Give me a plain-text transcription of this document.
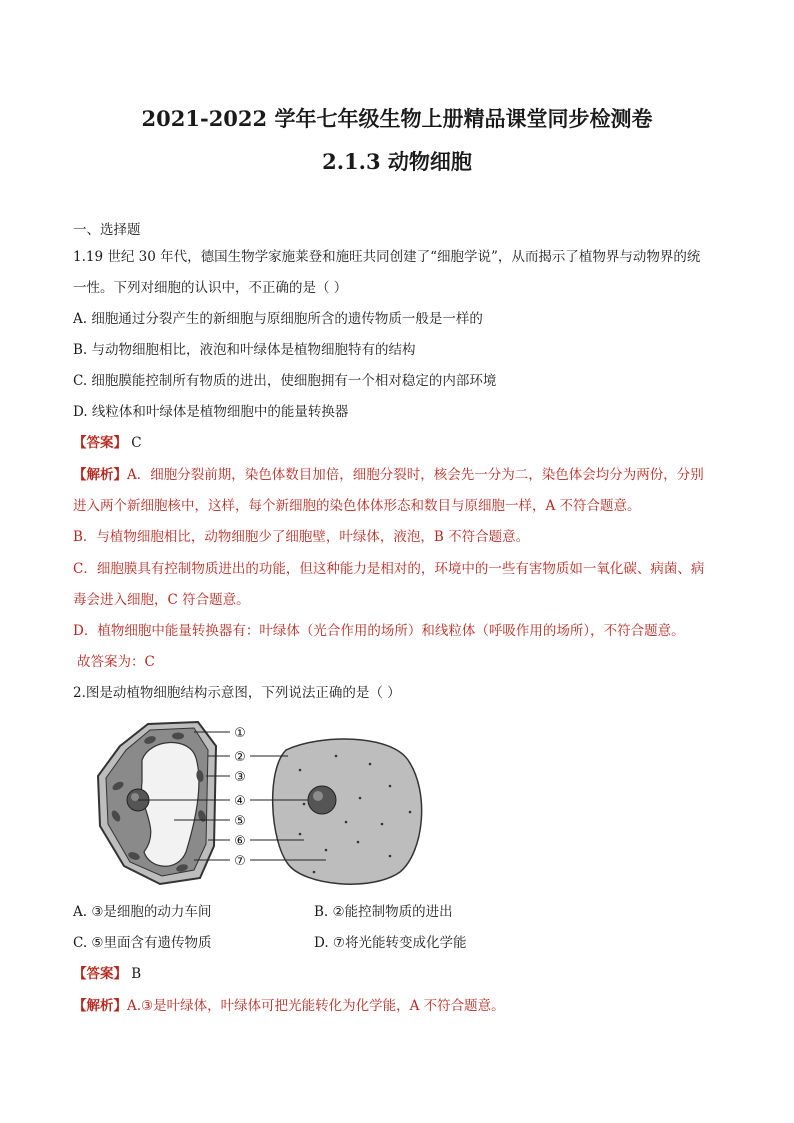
2021-2022 学年七年级生物上册精品课堂同步检测卷
2.1.3 动物细胞
一、选择题
1.19 世纪 30 年代，德国生物学家施莱登和施旺共同创建了“细胞学说”，从而揭示了植物界与动物界的统
一性。下列对细胞的认识中，不正确的是（ ）
A. 细胞通过分裂产生的新细胞与原细胞所含的遗传物质一般是一样的
B. 与动物细胞相比，液泡和叶绿体是植物细胞特有的结构
C. 细胞膜能控制所有物质的进出，使细胞拥有一个相对稳定的内部环境
D. 线粒体和叶绿体是植物细胞中的能量转换器
【答案】 C
【解析】A．细胞分裂前期，染色体数目加倍，细胞分裂时，核会先一分为二，染色体会均分为两份，分别
进入两个新细胞核中，这样，每个新细胞的染色体体形态和数目与原细胞一样，A 不符合题意。
B．与植物细胞相比，动物细胞少了细胞壁，叶绿体，液泡，B 不符合题意。
C．细胞膜具有控制物质进出的功能，但这种能力是相对的，环境中的一些有害物质如一氧化碳、病菌、病
毒会进入细胞，C 符合题意。
D．植物细胞中能量转换器有：叶绿体（光合作用的场所）和线粒体（呼吸作用的场所），不符合题意。
故答案为：C
2.图是动植物细胞结构示意图，下列说法正确的是（ ）
①
②
③
④
⑤
⑥
⑦
A. ③是细胞的动力车间	B. ②能控制物质的进出
C. ⑤里面含有遗传物质	D. ⑦将光能转变成化学能
【答案】 B
【解析】A.③是叶绿体，叶绿体可把光能转化为化学能，A 不符合题意。
